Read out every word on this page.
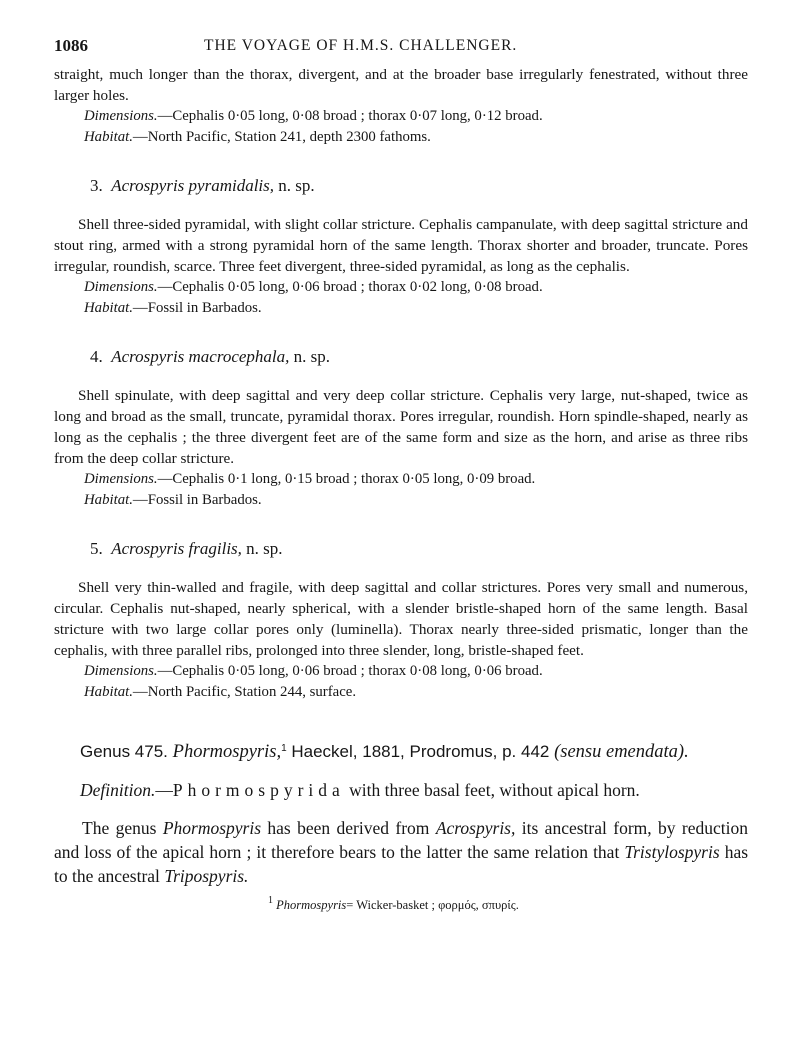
1086	THE VOYAGE OF H.M.S. CHALLENGER.

straight, much longer than the thorax, divergent, and at the broader base irregularly fenestrated, without three larger holes.

Dimensions.—Cephalis 0·05 long, 0·08 broad ; thorax 0·07 long, 0·12 broad.
Habitat.—North Pacific, Station 241, depth 2300 fathoms.
3. Acrospyris pyramidalis, n. sp.

Shell three-sided pyramidal, with slight collar stricture. Cephalis campanulate, with deep sagittal stricture and stout ring, armed with a strong pyramidal horn of the same length. Thorax shorter and broader, truncate. Pores irregular, roundish, scarce. Three feet divergent, three-sided pyramidal, as long as the cephalis.

Dimensions.—Cephalis 0·05 long, 0·06 broad ; thorax 0·02 long, 0·08 broad.
Habitat.—Fossil in Barbados.
4. Acrospyris macrocephala, n. sp.

Shell spinulate, with deep sagittal and very deep collar stricture. Cephalis very large, nut-shaped, twice as long and broad as the small, truncate, pyramidal thorax. Pores irregular, roundish. Horn spindle-shaped, nearly as long as the cephalis ; the three divergent feet are of the same form and size as the horn, and arise as three ribs from the deep collar stricture.

Dimensions.—Cephalis 0·1 long, 0·15 broad ; thorax 0·05 long, 0·09 broad.
Habitat.—Fossil in Barbados.
5. Acrospyris fragilis, n. sp.

Shell very thin-walled and fragile, with deep sagittal and collar strictures. Pores very small and numerous, circular. Cephalis nut-shaped, nearly spherical, with a slender bristle-shaped horn of the same length. Basal stricture with two large collar pores only (luminella). Thorax nearly three-sided prismatic, longer than the cephalis, with three parallel ribs, prolonged into three slender, long, bristle-shaped feet.

Dimensions.—Cephalis 0·05 long, 0·06 broad ; thorax 0·08 long, 0·06 broad.
Habitat.—North Pacific, Station 244, surface.
Genus 475. Phormospyris,$^1$ Haeckel, 1881, Prodromus, p. 442 (sensu emendata).
Definition.—Phormospyrida with three basal feet, without apical horn.

The genus Phormospyris has been derived from Acrospyris, its ancestral form, by reduction and loss of the apical horn ; it therefore bears to the latter the same relation that Tristylospyris has to the ancestral Tripospyris.

$^1$ Phormospyris= Wicker-basket ; φορμός, σπυρίς.
